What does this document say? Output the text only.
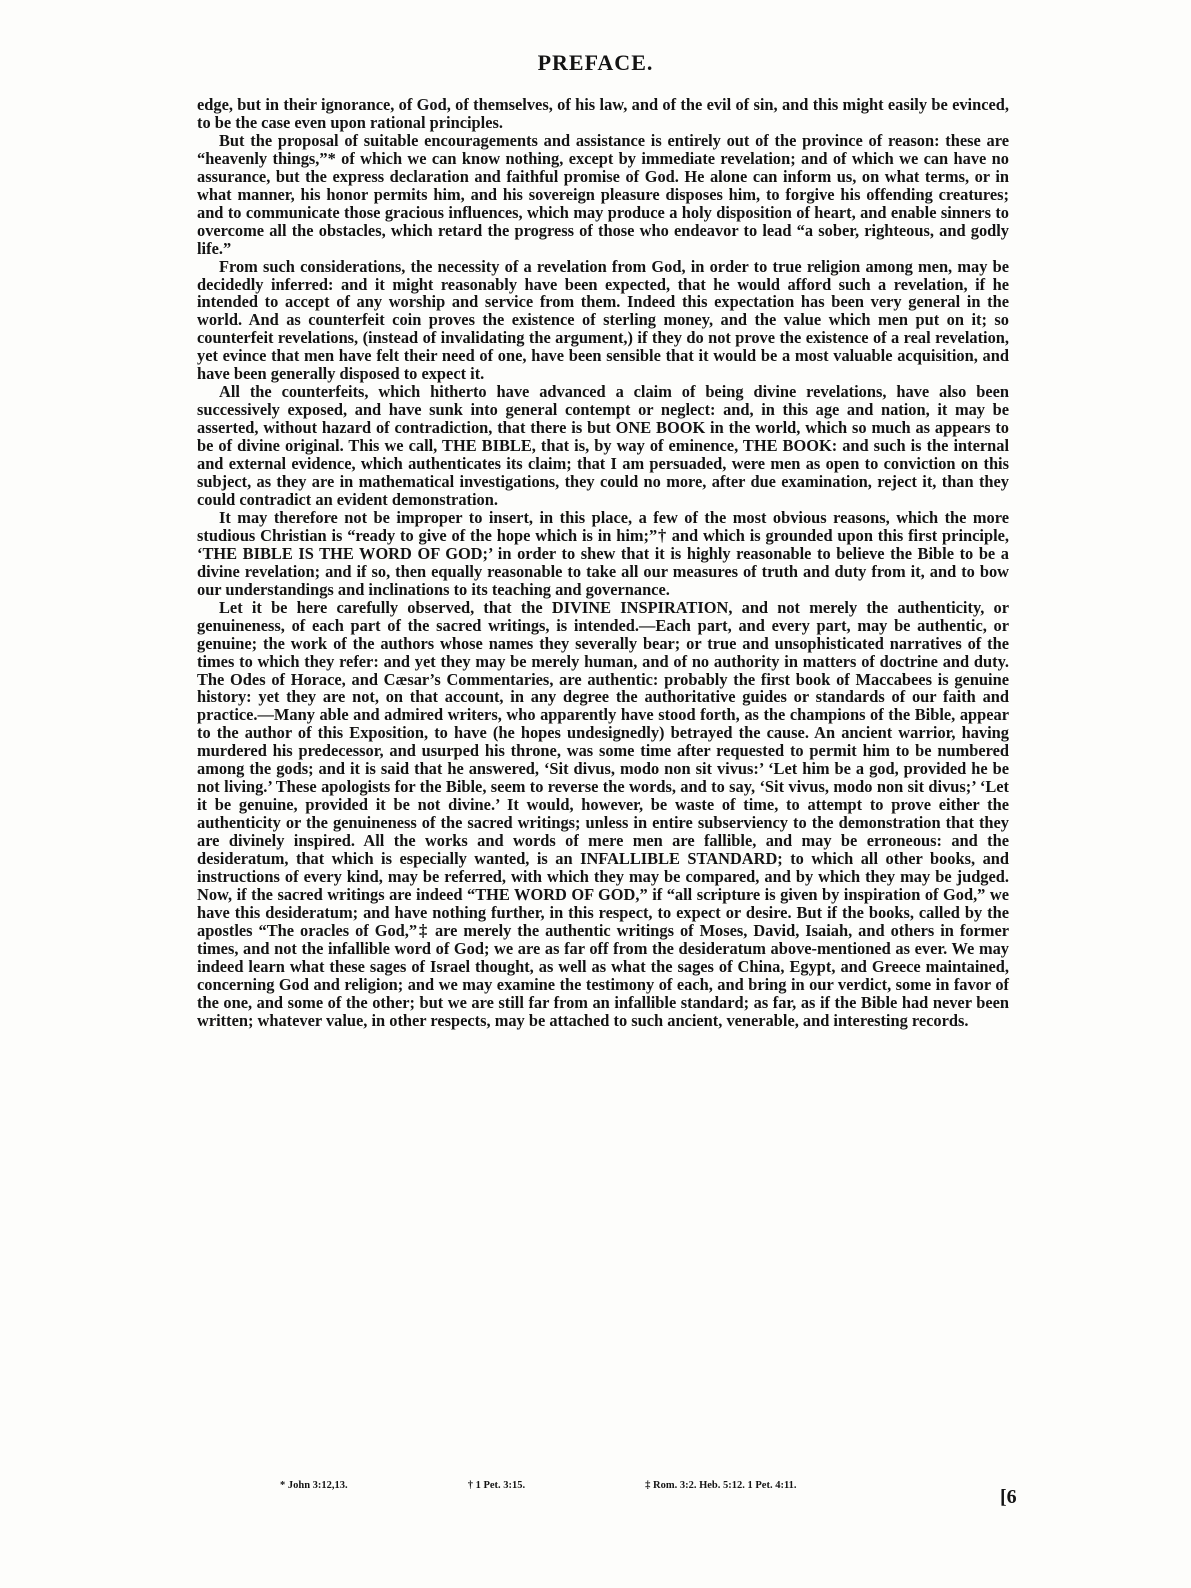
PREFACE.

edge, but in their ignorance, of God, of themselves, of his law, and of the evil of sin, and this might easily be evinced, to be the case even upon rational principles.

But the proposal of suitable encouragements and assistance is entirely out of the province of reason: these are “heavenly things,”* of which we can know nothing, except by immediate revelation; and of which we can have no assurance, but the express declaration and faithful promise of God. He alone can inform us, on what terms, or in what manner, his honor permits him, and his sovereign pleasure disposes him, to forgive his offending creatures; and to communicate those gracious influences, which may produce a holy disposition of heart, and enable sinners to overcome all the obstacles, which retard the progress of those who endeavor to lead “a sober, righteous, and godly life.”

From such considerations, the necessity of a revelation from God, in order to true religion among men, may be decidedly inferred: and it might reasonably have been expected, that he would afford such a revelation, if he intended to accept of any worship and service from them. Indeed this expectation has been very general in the world. And as counterfeit coin proves the existence of sterling money, and the value which men put on it; so counterfeit revelations, (instead of invalidating the argument,) if they do not prove the existence of a real revelation, yet evince that men have felt their need of one, have been sensible that it would be a most valuable acquisition, and have been generally disposed to expect it.

All the counterfeits, which hitherto have advanced a claim of being divine revelations, have also been successively exposed, and have sunk into general contempt or neglect: and, in this age and nation, it may be asserted, without hazard of contradiction, that there is but ONE BOOK in the world, which so much as appears to be of divine original. This we call, THE BIBLE, that is, by way of eminence, THE BOOK: and such is the internal and external evidence, which authenticates its claim; that I am persuaded, were men as open to conviction on this subject, as they are in mathematical investigations, they could no more, after due examination, reject it, than they could contradict an evident demonstration.

It may therefore not be improper to insert, in this place, a few of the most obvious reasons, which the more studious Christian is “ready to give of the hope which is in him;”† and which is grounded upon this first principle, ‘THE BIBLE IS THE WORD OF GOD;’ in order to shew that it is highly reasonable to believe the Bible to be a divine revelation; and if so, then equally reasonable to take all our measures of truth and duty from it, and to bow our understandings and inclinations to its teaching and governance.

Let it be here carefully observed, that the DIVINE INSPIRATION, and not merely the authenticity, or genuineness, of each part of the sacred writings, is intended.—Each part, and every part, may be authentic, or genuine; the work of the authors whose names they severally bear; or true and unsophisticated narratives of the times to which they refer: and yet they may be merely human, and of no authority in matters of doctrine and duty. The Odes of Horace, and Cæsar’s Commentaries, are authentic: probably the first book of Maccabees is genuine history: yet they are not, on that account, in any degree the authoritative guides or standards of our faith and practice.—Many able and admired writers, who apparently have stood forth, as the champions of the Bible, appear to the author of this Exposition, to have (he hopes undesignedly) betrayed the cause. An ancient warrior, having murdered his predecessor, and usurped his throne, was some time after requested to permit him to be numbered among the gods; and it is said that he answered, ‘Sit divus, modo non sit vivus:’ ‘Let him be a god, provided he be not living.’ These apologists for the Bible, seem to reverse the words, and to say, ‘Sit vivus, modo non sit divus;’ ‘Let it be genuine, provided it be not divine.’ It would, however, be waste of time, to attempt to prove either the authenticity or the genuineness of the sacred writings; unless in entire subserviency to the demonstration that they are divinely inspired. All the works and words of mere men are fallible, and may be erroneous: and the desideratum, that which is especially wanted, is an INFALLIBLE STANDARD; to which all other books, and instructions of every kind, may be referred, with which they may be compared, and by which they may be judged. Now, if the sacred writings are indeed “THE WORD OF GOD,” if “all scripture is given by inspiration of God,” we have this desideratum; and have nothing further, in this respect, to expect or desire. But if the books, called by the apostles “The oracles of God,”‡ are merely the authentic writings of Moses, David, Isaiah, and others in former times, and not the infallible word of God; we are as far off from the desideratum above-mentioned as ever. We may indeed learn what these sages of Israel thought, as well as what the sages of China, Egypt, and Greece maintained, concerning God and religion; and we may examine the testimony of each, and bring in our verdict, some in favor of the one, and some of the other; but we are still far from an infallible standard; as far, as if the Bible had never been written; whatever value, in other respects, may be attached to such ancient, venerable, and interesting records.

* John 3:12,13.	† 1 Pet. 3:15.	‡ Rom. 3:2. Heb. 5:12. 1 Pet. 4:11.
[6
